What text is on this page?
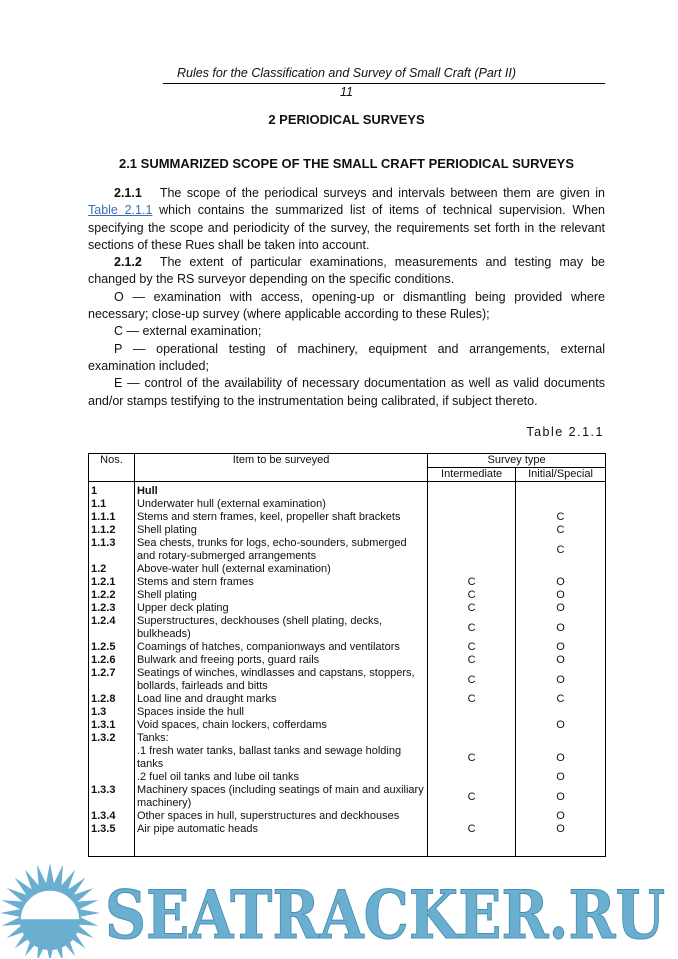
Rules for the Classification and Survey of Small Craft (Part II)
11
2 PERIODICAL SURVEYS
2.1 SUMMARIZED SCOPE OF THE SMALL CRAFT PERIODICAL SURVEYS

2.1.1 The scope of the periodical surveys and intervals between them are given in Table 2.1.1 which contains the summarized list of items of technical supervision. When specifying the scope and periodicity of the survey, the requirements set forth in the relevant sections of these Rues shall be taken into account.

2.1.2 The extent of particular examinations, measurements and testing may be changed by the RS surveyor depending on the specific conditions.

O — examination with access, opening-up or dismantling being provided where necessary; close-up survey (where applicable according to these Rules);

C — external examination;

P — operational testing of machinery, equipment and arrangements, external examination included;

E — control of the availability of necessary documentation as well as valid documents and/or stamps testifying to the instrumentation being calibrated, if subject thereto.

Table 2.1.1
Nos.	Item to be surveyed	Survey type	
		Intermediate	Initial/Special
1	Hull		
1.1	Underwater hull (external examination)		
1.1.1	Stems and stern frames, keel, propeller shaft brackets		C
1.1.2	Shell plating		C
1.1.3	Sea chests, trunks for logs, echo-sounders, submerged and rotary-submerged arrangements		C
1.2	Above-water hull (external examination)		
1.2.1	Stems and stern frames	C	O
1.2.2	Shell plating	C	O
1.2.3	Upper deck plating	C	O
1.2.4	Superstructures, deckhouses (shell plating, decks, bulkheads)	C	O
1.2.5	Coamings of hatches, companionways and ventilators	C	O
1.2.6	Bulwark and freeing ports, guard rails	C	O
1.2.7	Seatings of winches, windlasses and capstans, stoppers, bollards, fairleads and bitts	C	O
1.2.8	Load line and draught marks	C	C
1.3	Spaces inside the hull		
1.3.1	Void spaces, chain lockers, cofferdams		O
1.3.2	Tanks:		
	.1 fresh water tanks, ballast tanks and sewage holding tanks	C	O
	.2 fuel oil tanks and lube oil tanks		O
1.3.3	Machinery spaces (including seatings of main and auxiliary machinery)	C	O
1.3.4	Other spaces in hull, superstructures and deckhouses		O
1.3.5	Air pipe automatic heads	C	O

SEATRACKER.RU
